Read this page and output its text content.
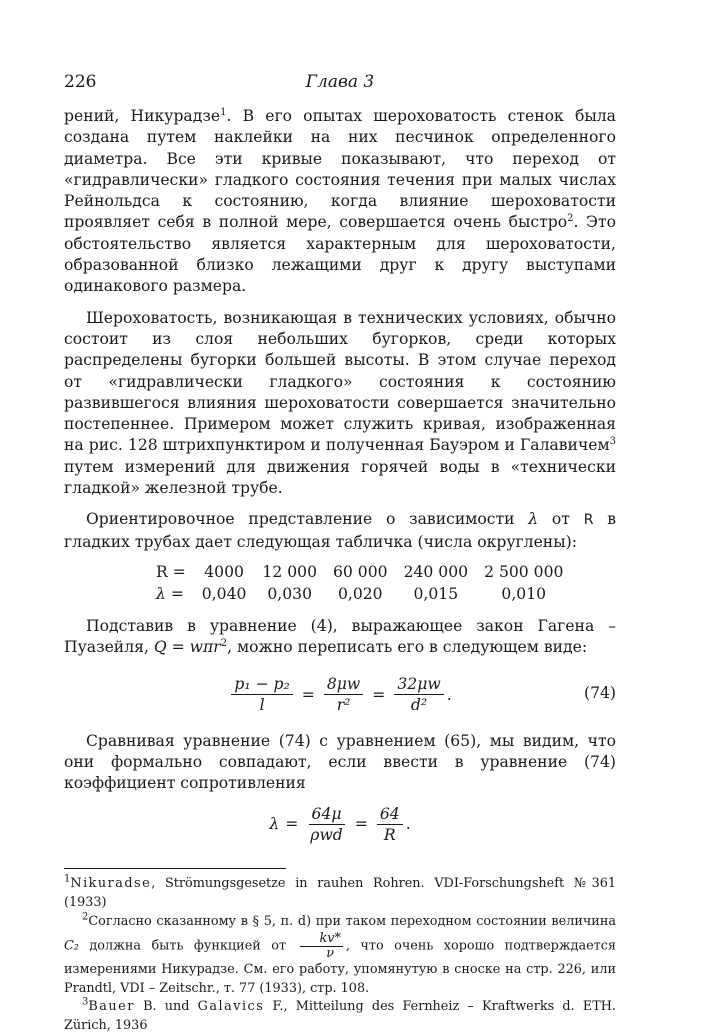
226	Глава 3

рений, Никурадзе$^1$. В его опытах шероховатость стенок была создана путем наклейки на них песчинок определенного диаметра. Все эти кривые показывают, что переход от «гидравлически» гладкого состояния течения при малых числах Рейнольдса к состоянию, когда влияние шероховатости проявляет себя в полной мере, совершается очень быстро$^2$. Это обстоятельство является характерным для шероховатости, образованной близко лежащими друг к другу выступами одинакового размера.

Шероховатость, возникающая в технических условиях, обычно состоит из слоя небольших бугорков, среди которых распределены бугорки большей высоты. В этом случае переход от «гидравлически гладкого» состояния к состоянию развившегося влияния шероховатости совершается значительно постепеннее. Примером может служить кривая, изображенная на рис. 128 штрихпунктиром и полученная Бауэром и Галавичем$^3$ путем измерений для движения горячей воды в «технически гладкой» железной трубе.

Ориентировочное представление о зависимости λ от R в гладких трубах дает следующая табличка (числа округлены):

R =	4000	12 000	60 000	240 000	2 500 000
λ =	0,040	0,030	0,020	0,015	0,010

Подставив в уравнение (4), выражающее закон Гагена – Пуазейля, Q = wπr$^2$, можно переписать его в следующем виде:

$\frac{\text{p₁ − p₂}}{l} = \frac{8\mu w}{\text{r²}} = \frac{32\mu w}{\text{d²}}$ .	(74)

Сравнивая уравнение (74) с уравнением (65), мы видим, что они формально совпадают, если ввести в уравнение (74) коэффициент сопротивления

$\lambda = \frac{64\mu}{\text{ρwd}} = \frac{64}{R}$ .

$^1$Nikuradse, Strömungsgesetze in rauhen Rohren. VDI-Forschungsheft №361 (1933)

$^2$Согласно сказанному в § 5, п. d) при таком переходном состоянии величина C₂ должна быть функцией от $\frac{kv*}{\nu}$ , что очень хорошо подтверждается измерениями Никурадзе. См. его работу, упомянутую в сноске на стр. 226, или Prandtl, VDI – Zeitschr., т. 77 (1933), стр. 108.

$^3$Bauer B. und Galavics F., Mitteilung des Fernheiz – Kraftwerks d. ETH. Zürich, 1936
